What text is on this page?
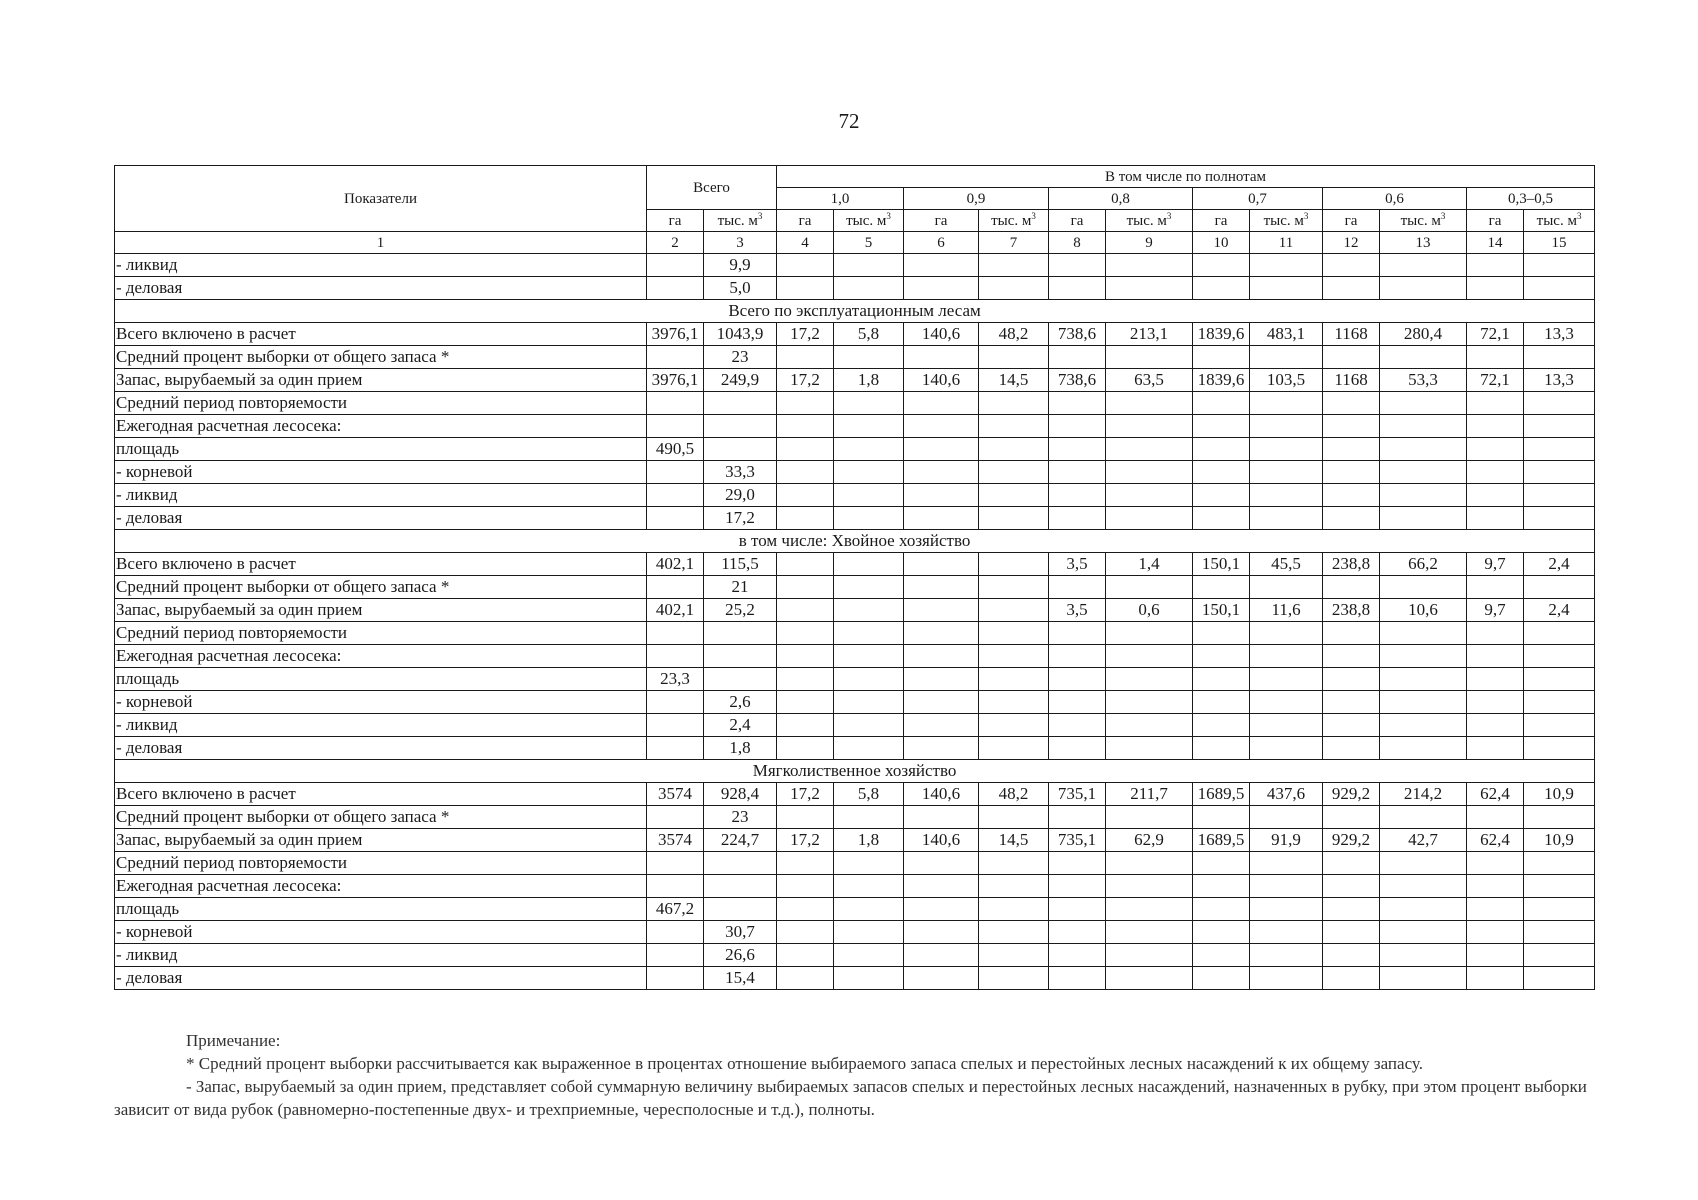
72
Показатели	Всего		В том числе по полнотам											
			1,0		0,9		0,8		0,7		0,6		0,3–0,5	
	га	тыс. $м^3$	га	тыс. $м^3$	га	тыс. $м^3$	га	тыс. $м^3$	га	тыс. $м^3$	га	тыс. $м^3$	га	тыс. $м^3$
1	2	3	4	5	6	7	8	9	10	11	12	13	14	15
- ликвид		9,9												
- деловая		5,0												
Всего по эксплуатационным лесам														
Всего включено в расчет	3976,1	1043,9	17,2	5,8	140,6	48,2	738,6	213,1	1839,6	483,1	1168	280,4	72,1	13,3
Средний процент выборки от общего запаса *		23												
Запас, вырубаемый за один прием	3976,1	249,9	17,2	1,8	140,6	14,5	738,6	63,5	1839,6	103,5	1168	53,3	72,1	13,3
Средний период повторяемости														
Ежегодная расчетная лесосека:														
площадь	490,5													
- корневой		33,3												
- ликвид		29,0												
- деловая		17,2												
в том числе: Хвойное хозяйство														
Всего включено в расчет	402,1	115,5					3,5	1,4	150,1	45,5	238,8	66,2	9,7	2,4
Средний процент выборки от общего запаса *		21												
Запас, вырубаемый за один прием	402,1	25,2					3,5	0,6	150,1	11,6	238,8	10,6	9,7	2,4
Средний период повторяемости														
Ежегодная расчетная лесосека:														
площадь	23,3													
- корневой		2,6												
- ликвид		2,4												
- деловая		1,8												
Мягколиственное хозяйство														
Всего включено в расчет	3574	928,4	17,2	5,8	140,6	48,2	735,1	211,7	1689,5	437,6	929,2	214,2	62,4	10,9
Средний процент выборки от общего запаса *		23												
Запас, вырубаемый за один прием	3574	224,7	17,2	1,8	140,6	14,5	735,1	62,9	1689,5	91,9	929,2	42,7	62,4	10,9
Средний период повторяемости														
Ежегодная расчетная лесосека:														
площадь	467,2													
- корневой		30,7												
- ликвид		26,6												
- деловая		15,4												

Примечание:

* Средний процент выборки рассчитывается как выраженное в процентах отношение выбираемого запаса спелых и перестойных лесных насаждений к их общему запасу.

- Запас, вырубаемый за один прием, представляет собой суммарную величину выбираемых запасов спелых и перестойных лесных насаждений, назначенных в рубку, при этом процент выборки зависит от вида рубок (равномерно-постепенные двух- и трехприемные, чересполосные и т.д.), полноты.
